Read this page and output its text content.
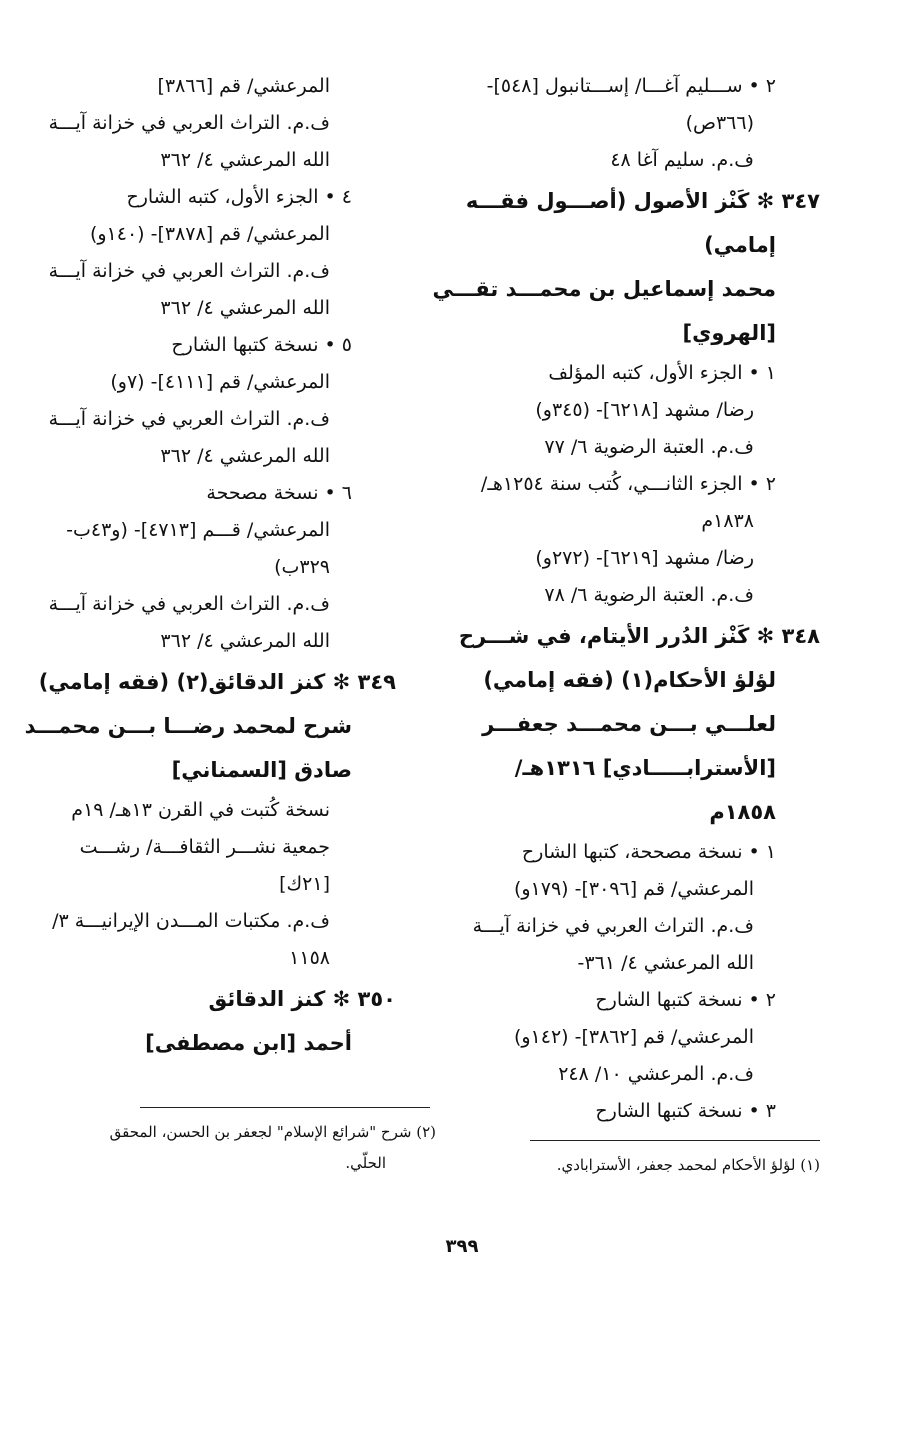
٢ • ســـليم آغـــا/ إســـتانبول [٥٤٨]-
(٣٦٦ص)
ف.م. سليم آغا ٤٨
٣٤٧ ✻ كَنْز الأصول (أصـــول فقـــه
إمامي)
محمد إسماعيل بن محمـــد تقـــي
[الهروي]
١ • الجزء الأول، كتبه المؤلف
رضا/ مشهد [٦٢١٨]- (٣٤٥و)
ف.م. العتبة الرضوية ٦/ ٧٧
٢ • الجزء الثانـــي، كُتب سنة ١٢٥٤هـ/
١٨٣٨م
رضا/ مشهد [٦٢١٩]- (٢٧٢و)
ف.م. العتبة الرضوية ٦/ ٧٨
٣٤٨ ✻ كَنْز الدُرر الأيتام، في شـــرح
لؤلؤ الأحكام(١) (فقه إمامي)
لعلـــي بـــن محمـــد جعفـــر
[الأسترابـــــادي] ١٣١٦هـ/
١٨٥٨م
١ • نسخة مصححة، كتبها الشارح
المرعشي/ قم [٣٠٩٦]- (١٧٩و)
ف.م. التراث العربي في خزانة آيـــة
الله المرعشي ٤/ ٣٦١-
٢ • نسخة كتبها الشارح
المرعشي/ قم [٣٨٦٢]- (١٤٢و)
ف.م. المرعشي ١٠/ ٢٤٨
٣ • نسخة كتبها الشارح
المرعشي/ قم [٣٨٦٦]
ف.م. التراث العربي في خزانة آيـــة
الله المرعشي ٤/ ٣٦٢
٤ • الجزء الأول، كتبه الشارح
المرعشي/ قم [٣٨٧٨]- (١٤٠و)
ف.م. التراث العربي في خزانة آيـــة
الله المرعشي ٤/ ٣٦٢
٥ • نسخة كتبها الشارح
المرعشي/ قم [٤١١١]- (٧و)
ف.م. التراث العربي في خزانة آيـــة
الله المرعشي ٤/ ٣٦٢
٦ • نسخة مصححة
المرعشي/ قـــم [٤٧١٣]- (و٤٣ب-
٣٢٩ب)
ف.م. التراث العربي في خزانة آيـــة
الله المرعشي ٤/ ٣٦٢
٣٤٩ ✻ كنز الدقائق(٢) (فقه إمامي)
شرح لمحمد رضـــا بـــن محمـــد
صادق [السمناني]
نسخة كُتبت في القرن ١٣هـ/ ١٩م
جمعية نشـــر الثقافـــة/ رشـــت
[٢١ك]
ف.م. مكتبات المـــدن الإيرانيـــة ٣/
١١٥٨
٣٥٠ ✻ كنز الدقائق
أحمد [ابن مصطفى]
(١) لؤلؤ الأحكام لمحمد جعفر، الأسترابادي.
(٢) شرح "شرائع الإسلام" لجعفر بن الحسن، المحقق
الحلّي.
٣٩٩
